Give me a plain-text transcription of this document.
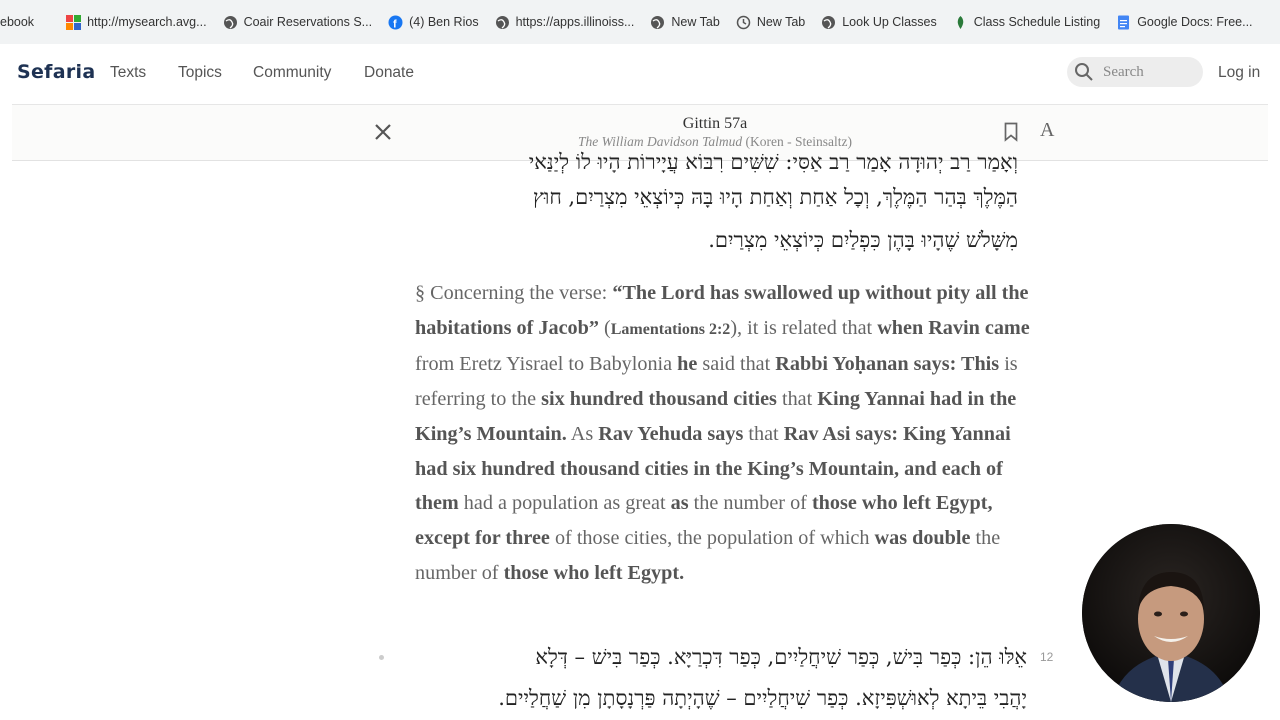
ebook	http://mysearch.avg...	Coair Reservations S... f (4) Ben Rios	https://apps.illinoiss...	New Tab	New Tab	Look Up Classes	Class Schedule Listing	Google Docs: Free...
Sefaria Texts Topics Community Donate	Search	Log in
Gittin 57a
The William Davidson Talmud (Koren - Steinsaltz)
A
וְאָמַר רַב יְהוּדָה אָמַר רַב אַסִּי: שִׁשִּׁים רִבּוֹא עֲיָירוֹת הָיוּ לוֹ לְיַנַּאי
הַמֶּלֶךְ בְּהַר הַמֶּלֶךְ, וְכׇל אַחַת וְאַחַת הָיוּ בָּהּ כְּיוֹצְאֵי מִצְרַיִם, חוּץ
מִשָּׁלֹשׁ שֶׁהָיוּ בָּהֶן כִּפְלַיִם כְּיוֹצְאֵי מִצְרַיִם.
§ Concerning the verse: “The Lord has swallowed up without pity all the habitations of Jacob” (Lamentations 2:2), it is related that when Ravin came from Eretz Yisrael to Babylonia he said that Rabbi Yoḥanan says: This is referring to the six hundred thousand cities that King Yannai had in the King’s Mountain. As Rav Yehuda says that Rav Asi says: King Yannai had six hundred thousand cities in the King’s Mountain, and each of them had a population as great as the number of those who left Egypt, except for three of those cities, the population of which was double the number of those who left Egypt.
12
אֵלּוּ הֵן: כְּפַר בִּישׁ, כְּפַר שִׁיחֲלַיִים, כְּפַר דִּכְרַיָּא. כְּפַר בִּישׁ – דְּלָא
יָהֲבִי בֵּיתָא לְאוּשְׁפִּיזָא. כְּפַר שִׁיחֲלַיִים – שֶׁהָיְתָה פַּרְנָסָתָן מִן שַׁחֲלַיִים.
